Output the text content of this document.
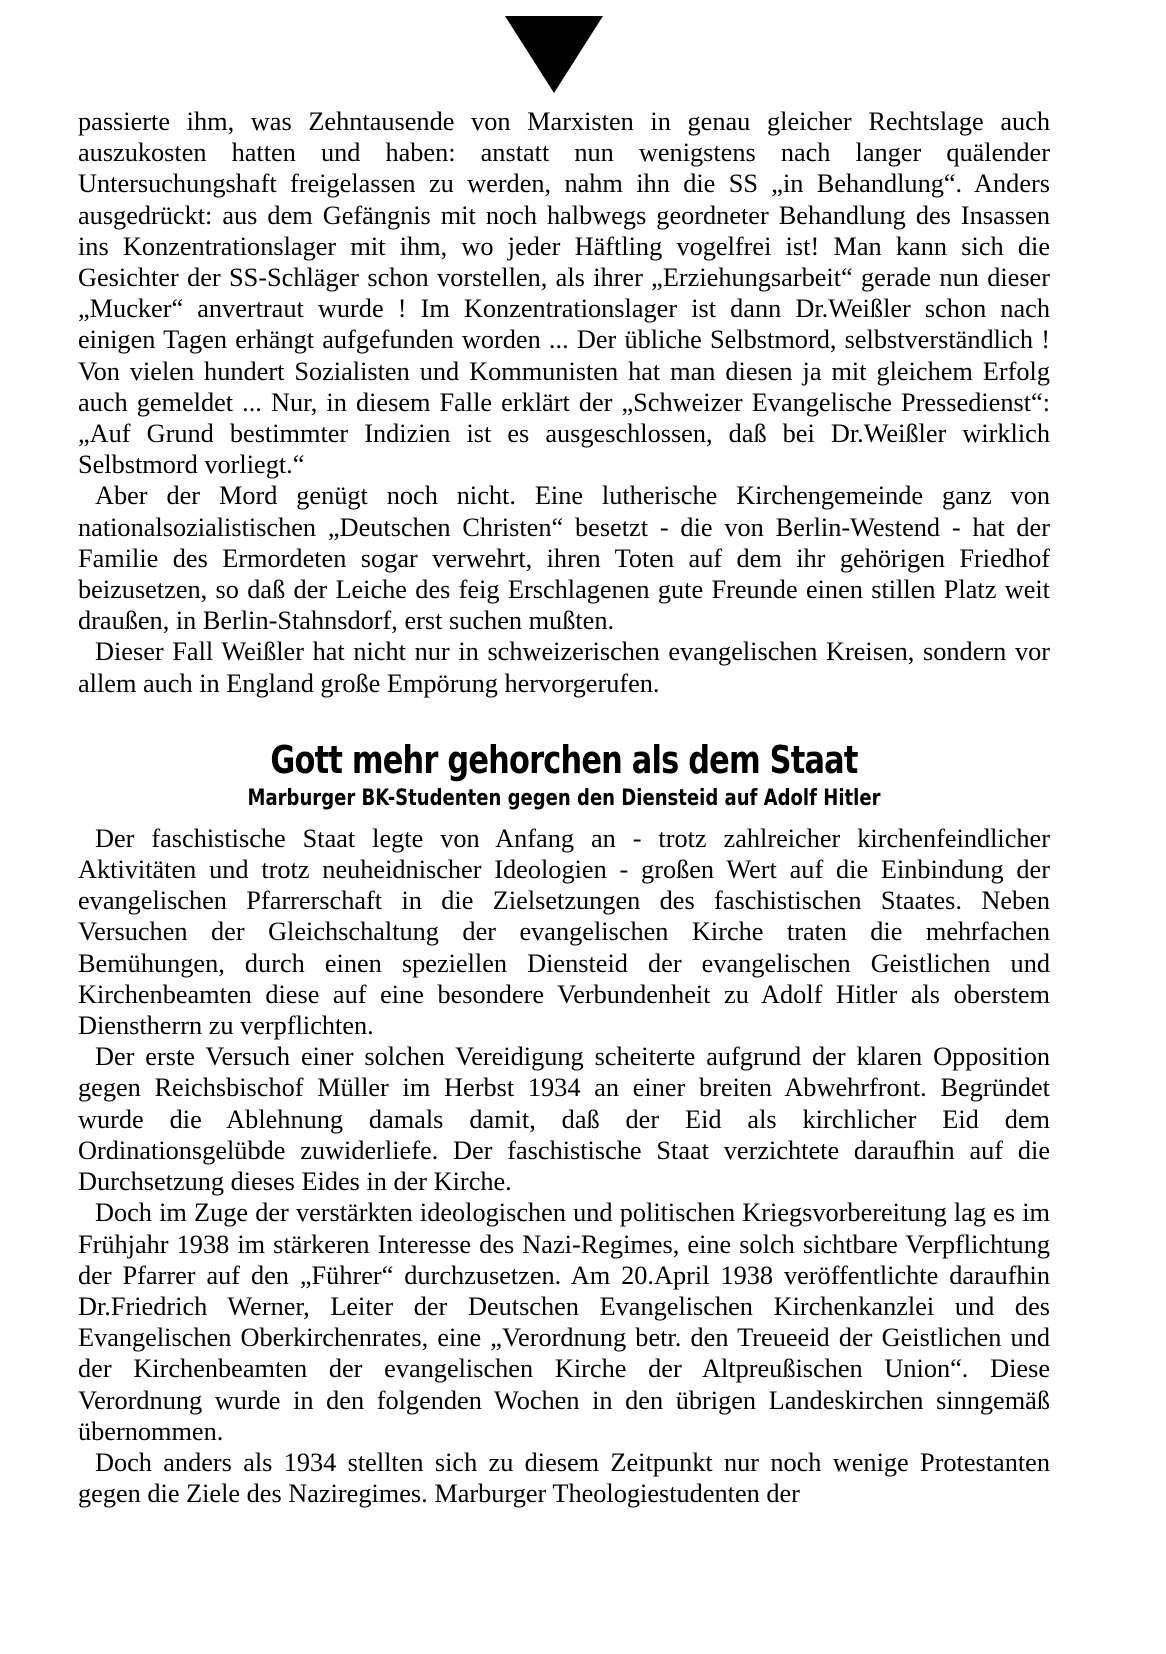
passierte ihm, was Zehntausende von Marxisten in genau gleicher Rechtslage auch auszukosten hatten und haben: anstatt nun wenigstens nach langer quälender Untersuchungshaft freigelassen zu werden, nahm ihn die SS „in Behandlung“. Anders ausgedrückt: aus dem Gefängnis mit noch halbwegs geordneter Behandlung des Insassen ins Konzentrationslager mit ihm, wo jeder Häftling vogelfrei ist! Man kann sich die Gesichter der SS-Schläger schon vorstellen, als ihrer „Erziehungsarbeit“ gerade nun dieser „Mucker“ anvertraut wurde ! Im Konzentrationslager ist dann Dr.Weißler schon nach einigen Tagen erhängt aufgefunden worden ... Der übliche Selbstmord, selbstverständlich ! Von vielen hundert Sozialisten und Kommunisten hat man diesen ja mit gleichem Erfolg auch gemeldet ... Nur, in diesem Falle erklärt der „Schweizer Evangelische Pressedienst“: „Auf Grund bestimmter Indizien ist es ausgeschlossen, daß bei Dr.Weißler wirklich Selbstmord vorliegt.“

Aber der Mord genügt noch nicht. Eine lutherische Kirchengemeinde ganz von nationalsozialistischen „Deutschen Christen“ besetzt - die von Berlin-Westend - hat der Familie des Ermordeten sogar verwehrt, ihren Toten auf dem ihr gehörigen Friedhof beizusetzen, so daß der Leiche des feig Erschlagenen gute Freunde einen stillen Platz weit draußen, in Berlin-Stahnsdorf, erst suchen mußten.

Dieser Fall Weißler hat nicht nur in schweizerischen evangelischen Kreisen, sondern vor allem auch in England große Empörung hervorgerufen.

Gott mehr gehorchen als dem Staat
Marburger BK-Studenten gegen den Diensteid auf Adolf Hitler

Der faschistische Staat legte von Anfang an - trotz zahlreicher kirchenfeindlicher Aktivitäten und trotz neuheidnischer Ideologien - großen Wert auf die Einbindung der evangelischen Pfarrerschaft in die Zielsetzungen des faschistischen Staates. Neben Versuchen der Gleichschaltung der evangelischen Kirche traten die mehrfachen Bemühungen, durch einen speziellen Diensteid der evangelischen Geistlichen und Kirchenbeamten diese auf eine besondere Verbundenheit zu Adolf Hitler als oberstem Dienstherrn zu verpflichten.

Der erste Versuch einer solchen Vereidigung scheiterte aufgrund der klaren Opposition gegen Reichsbischof Müller im Herbst 1934 an einer breiten Abwehrfront. Begründet wurde die Ablehnung damals damit, daß der Eid als kirchlicher Eid dem Ordinationsgelübde zuwiderliefe. Der faschistische Staat verzichtete daraufhin auf die Durchsetzung dieses Eides in der Kirche.

Doch im Zuge der verstärkten ideologischen und politischen Kriegsvorbereitung lag es im Frühjahr 1938 im stärkeren Interesse des Nazi-Regimes, eine solch sichtbare Verpflichtung der Pfarrer auf den „Führer“ durchzusetzen. Am 20.April 1938 veröffentlichte daraufhin Dr.Friedrich Werner, Leiter der Deutschen Evangelischen Kirchenkanzlei und des Evangelischen Oberkirchenrates, eine „Verordnung betr. den Treueeid der Geistlichen und der Kirchenbeamten der evangelischen Kirche der Altpreußischen Union“. Diese Verordnung wurde in den folgenden Wochen in den übrigen Landeskirchen sinngemäß übernommen.

Doch anders als 1934 stellten sich zu diesem Zeitpunkt nur noch wenige Protestanten gegen die Ziele des Naziregimes. Marburger Theologiestudenten der
